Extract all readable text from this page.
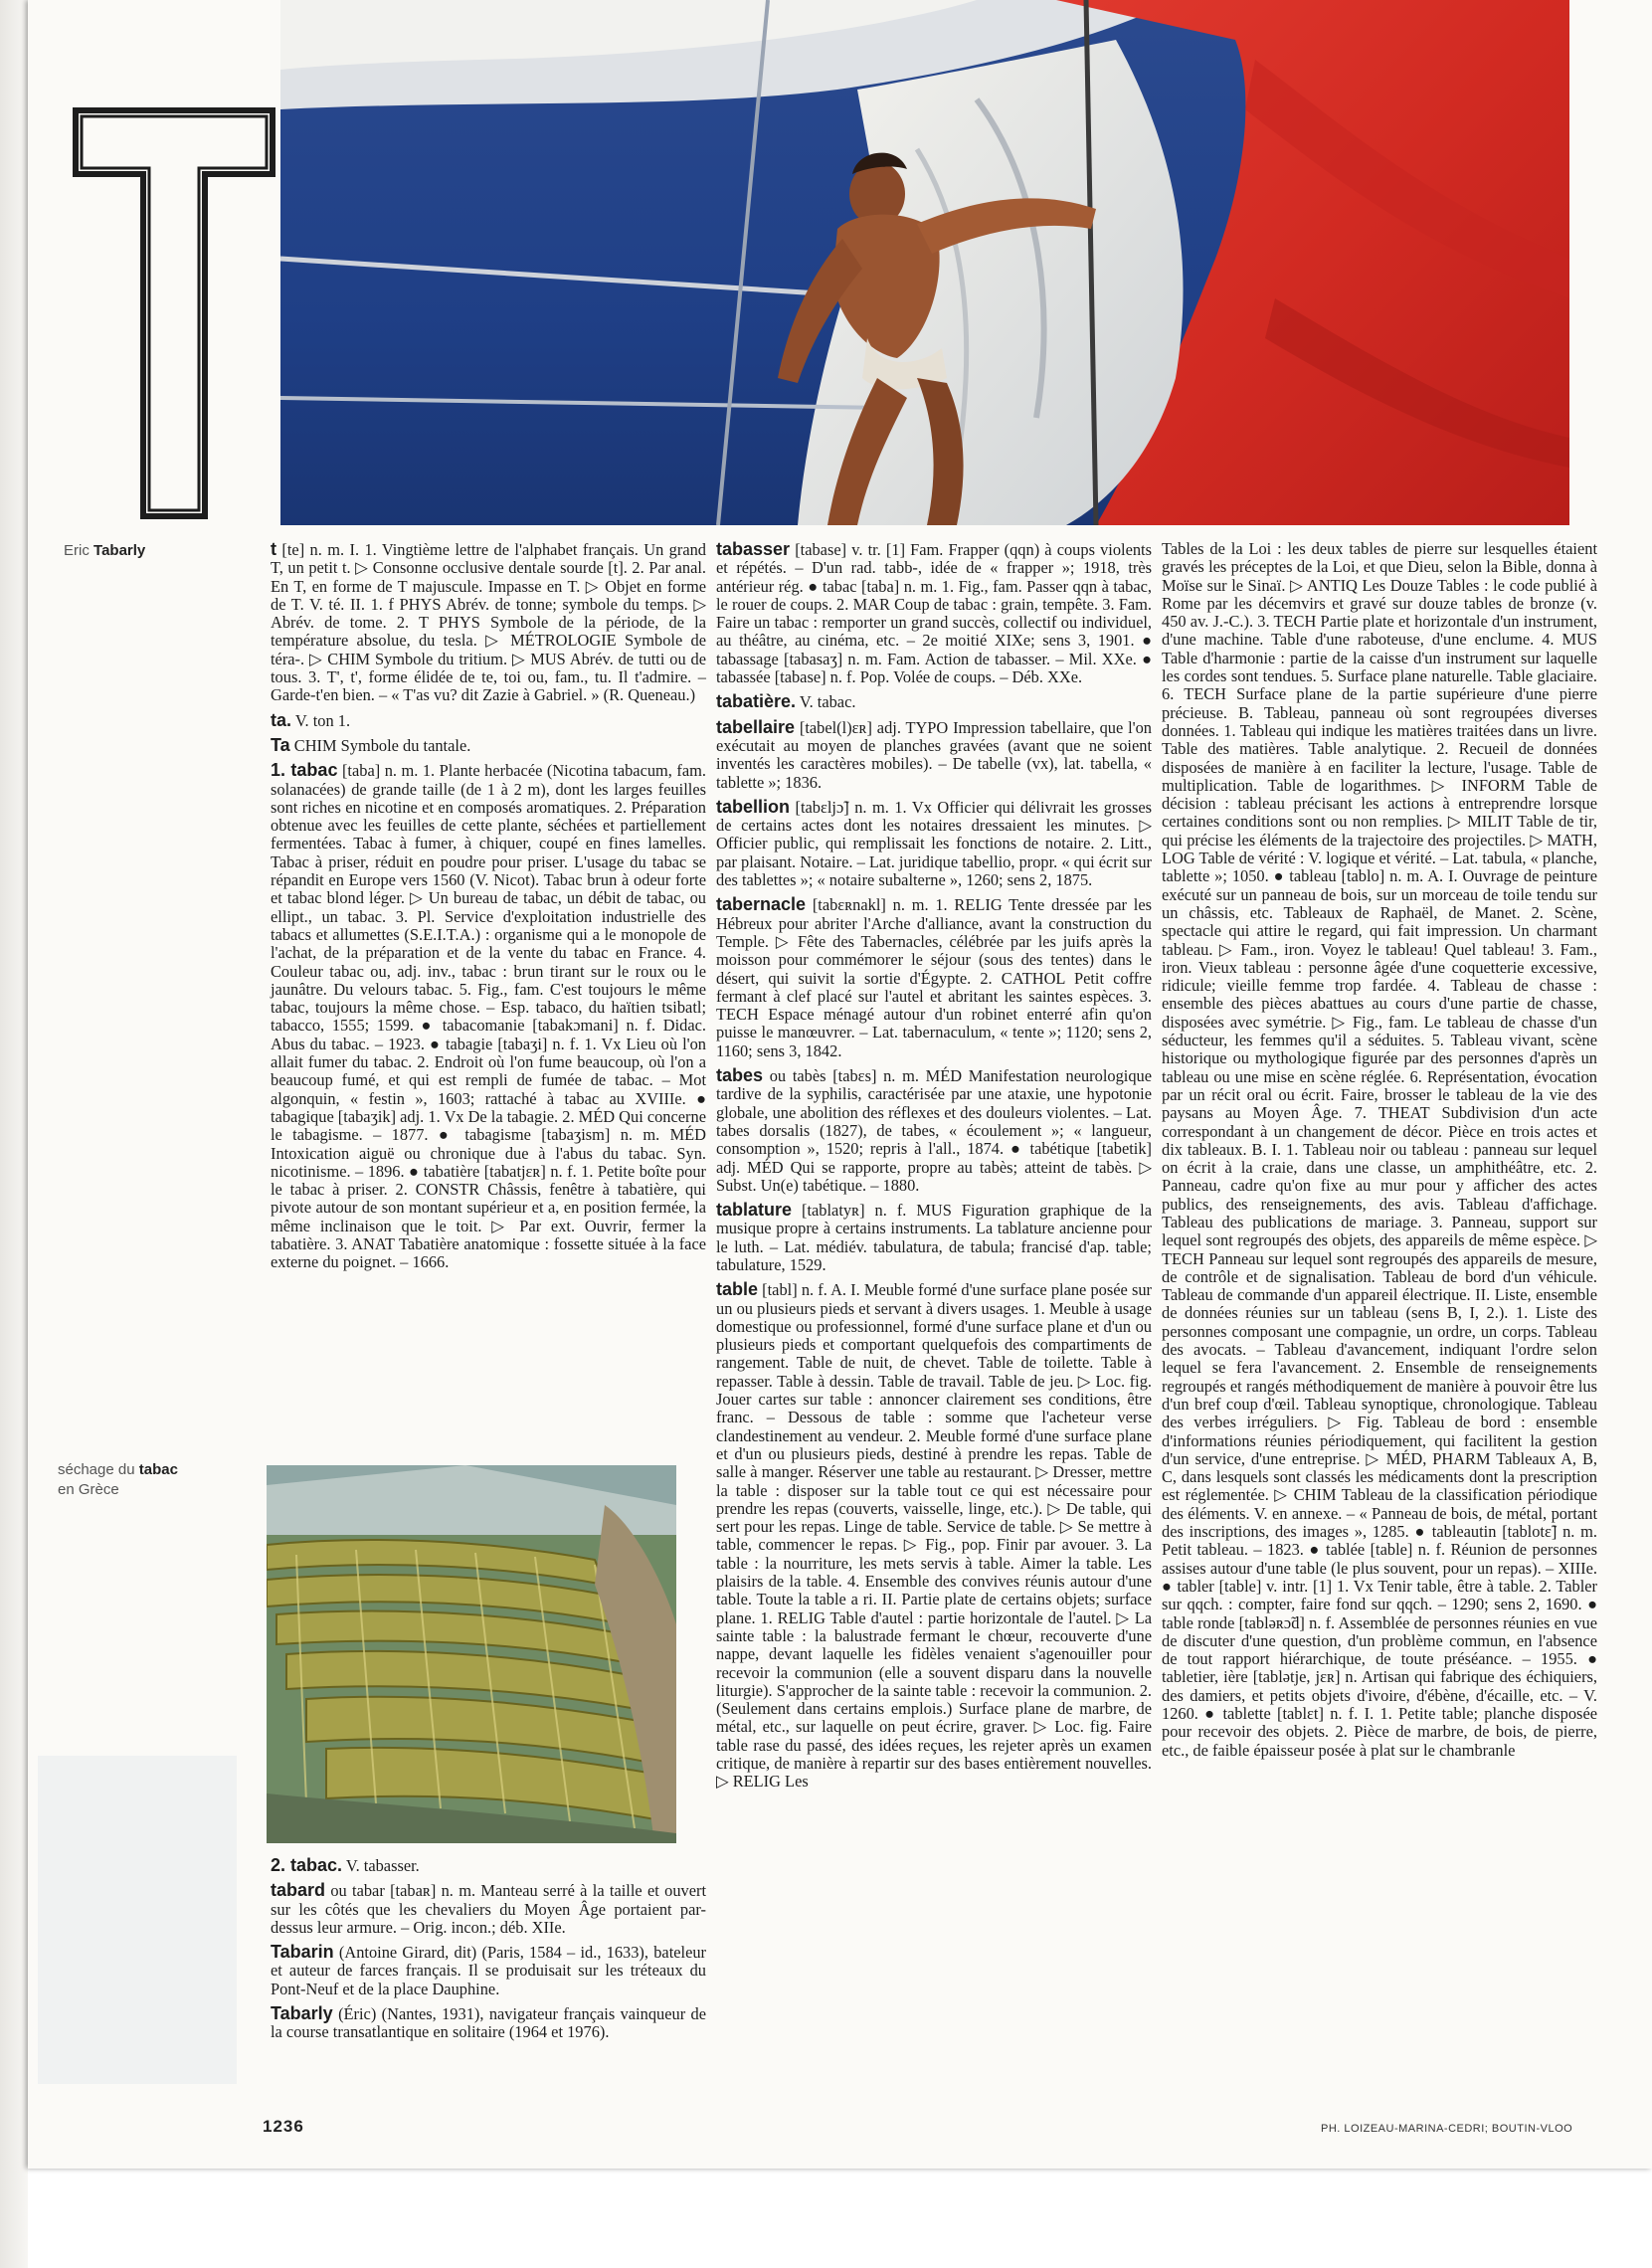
Eric Tabarly
séchage du tabac
en Grèce

t [te] n. m. I. 1. Vingtième lettre de l'alphabet français. Un grand T, un petit t. ▷ Consonne occlusive dentale sourde [t]. 2. Par anal. En T, en forme de T majuscule. Impasse en T. ▷ Objet en forme de T. V. té. II. 1. f PHYS Abrév. de tonne; symbole du temps. ▷ Abrév. de tome. 2. T PHYS Symbole de la période, de la température absolue, du tesla. ▷ MÉTROLOGIE Symbole de téra-. ▷ CHIM Symbole du tritium. ▷ MUS Abrév. de tutti ou de tous. 3. T', t', forme élidée de te, toi ou, fam., tu. Il t'admire. – Garde-t'en bien. – « T'as vu? dit Zazie à Gabriel. » (R. Queneau.)

ta. V. ton 1.

Ta CHIM Symbole du tantale.

1. tabac [taba] n. m. 1. Plante herbacée (Nicotina tabacum, fam. solanacées) de grande taille (de 1 à 2 m), dont les larges feuilles sont riches en nicotine et en composés aromatiques. 2. Préparation obtenue avec les feuilles de cette plante, séchées et partiellement fermentées. Tabac à fumer, à chiquer, coupé en fines lamelles. Tabac à priser, réduit en poudre pour priser. L'usage du tabac se répandit en Europe vers 1560 (V. Nicot). Tabac brun à odeur forte et tabac blond léger. ▷ Un bureau de tabac, un débit de tabac, ou ellipt., un tabac. 3. Pl. Service d'exploitation industrielle des tabacs et allumettes (S.E.I.T.A.) : organisme qui a le monopole de l'achat, de la préparation et de la vente du tabac en France. 4. Couleur tabac ou, adj. inv., tabac : brun tirant sur le roux ou le jaunâtre. Du velours tabac. 5. Fig., fam. C'est toujours le même tabac, toujours la même chose. – Esp. tabaco, du haïtien tsibatl; tabacco, 1555; 1599. ● tabacomanie [tabakɔmani] n. f. Didac. Abus du tabac. – 1923. ● tabagie [tabaʒi] n. f. 1. Vx Lieu où l'on allait fumer du tabac. 2. Endroit où l'on fume beaucoup, où l'on a beaucoup fumé, et qui est rempli de fumée de tabac. – Mot algonquin, « festin », 1603; rattaché à tabac au XVIIIe. ● tabagique [tabaʒik] adj. 1. Vx De la tabagie. 2. MÉD Qui concerne le tabagisme. – 1877. ● tabagisme [tabaʒism] n. m. MÉD Intoxication aiguë ou chronique due à l'abus du tabac. Syn. nicotinisme. – 1896. ● tabatière [tabatjɛʀ] n. f. 1. Petite boîte pour le tabac à priser. 2. CONSTR Châssis, fenêtre à tabatière, qui pivote autour de son montant supérieur et a, en position fermée, la même inclinaison que le toit. ▷ Par ext. Ouvrir, fermer la tabatière. 3. ANAT Tabatière anatomique : fossette située à la face externe du poignet. – 1666.

2. tabac. V. tabasser.

tabard ou tabar [tabaʀ] n. m. Manteau serré à la taille et ouvert sur les côtés que les chevaliers du Moyen Âge portaient par-dessus leur armure. – Orig. incon.; déb. XIIe.

Tabarin (Antoine Girard, dit) (Paris, 1584 – id., 1633), bateleur et auteur de farces français. Il se produisait sur les tréteaux du Pont-Neuf et de la place Dauphine.

Tabarly (Éric) (Nantes, 1931), navigateur français vainqueur de la course transatlantique en solitaire (1964 et 1976).

tabasser [tabase] v. tr. [1] Fam. Frapper (qqn) à coups violents et répétés. – D'un rad. tabb-, idée de « frapper »; 1918, très antérieur rég. ● tabac [taba] n. m. 1. Fig., fam. Passer qqn à tabac, le rouer de coups. 2. MAR Coup de tabac : grain, tempête. 3. Fam. Faire un tabac : remporter un grand succès, collectif ou individuel, au théâtre, au cinéma, etc. – 2e moitié XIXe; sens 3, 1901. ● tabassage [tabasaʒ] n. m. Fam. Action de tabasser. – Mil. XXe. ● tabassée [tabase] n. f. Pop. Volée de coups. – Déb. XXe.

tabatière. V. tabac.

tabellaire [tabel(l)ɛʀ] adj. TYPO Impression tabellaire, que l'on exécutait au moyen de planches gravées (avant que ne soient inventés les caractères mobiles). – De tabelle (vx), lat. tabella, « tablette »; 1836.

tabellion [tabɛljɔ̃] n. m. 1. Vx Officier qui délivrait les grosses de certains actes dont les notaires dressaient les minutes. ▷ Officier public, qui remplissait les fonctions de notaire. 2. Litt., par plaisant. Notaire. – Lat. juridique tabellio, propr. « qui écrit sur des tablettes »; « notaire subalterne », 1260; sens 2, 1875.

tabernacle [tabɛʀnakl] n. m. 1. RELIG Tente dressée par les Hébreux pour abriter l'Arche d'alliance, avant la construction du Temple. ▷ Fête des Tabernacles, célébrée par les juifs après la moisson pour commémorer le séjour (sous des tentes) dans le désert, qui suivit la sortie d'Égypte. 2. CATHOL Petit coffre fermant à clef placé sur l'autel et abritant les saintes espèces. 3. TECH Espace ménagé autour d'un robinet enterré afin qu'on puisse le manœuvrer. – Lat. tabernaculum, « tente »; 1120; sens 2, 1160; sens 3, 1842.

tabes ou tabès [tabɛs] n. m. MÉD Manifestation neurologique tardive de la syphilis, caractérisée par une ataxie, une hypotonie globale, une abolition des réflexes et des douleurs violentes. – Lat. tabes dorsalis (1827), de tabes, « écoulement »; « langueur, consomption », 1520; repris à l'all., 1874. ● tabétique [tabetik] adj. MÉD Qui se rapporte, propre au tabès; atteint de tabès. ▷ Subst. Un(e) tabétique. – 1880.

tablature [tablatyʀ] n. f. MUS Figuration graphique de la musique propre à certains instruments. La tablature ancienne pour le luth. – Lat. médiév. tabulatura, de tabula; francisé d'ap. table; tabulature, 1529.

table [tabl] n. f. A. I. Meuble formé d'une surface plane posée sur un ou plusieurs pieds et servant à divers usages. 1. Meuble à usage domestique ou professionnel, formé d'une surface plane et d'un ou plusieurs pieds et comportant quelquefois des compartiments de rangement. Table de nuit, de chevet. Table de toilette. Table à repasser. Table à dessin. Table de travail. Table de jeu. ▷ Loc. fig. Jouer cartes sur table : annoncer clairement ses conditions, être franc. – Dessous de table : somme que l'acheteur verse clandestinement au vendeur. 2. Meuble formé d'une surface plane et d'un ou plusieurs pieds, destiné à prendre les repas. Table de salle à manger. Réserver une table au restaurant. ▷ Dresser, mettre la table : disposer sur la table tout ce qui est nécessaire pour prendre les repas (couverts, vaisselle, linge, etc.). ▷ De table, qui sert pour les repas. Linge de table. Service de table. ▷ Se mettre à table, commencer le repas. ▷ Fig., pop. Finir par avouer. 3. La table : la nourriture, les mets servis à table. Aimer la table. Les plaisirs de la table. 4. Ensemble des convives réunis autour d'une table. Toute la table a ri. II. Partie plate de certains objets; surface plane. 1. RELIG Table d'autel : partie horizontale de l'autel. ▷ La sainte table : la balustrade fermant le chœur, recouverte d'une nappe, devant laquelle les fidèles venaient s'agenouiller pour recevoir la communion (elle a souvent disparu dans la nouvelle liturgie). S'approcher de la sainte table : recevoir la communion. 2. (Seulement dans certains emplois.) Surface plane de marbre, de métal, etc., sur laquelle on peut écrire, graver. ▷ Loc. fig. Faire table rase du passé, des idées reçues, les rejeter après un examen critique, de manière à repartir sur des bases entièrement nouvelles. ▷ RELIG Les

Tables de la Loi : les deux tables de pierre sur lesquelles étaient gravés les préceptes de la Loi, et que Dieu, selon la Bible, donna à Moïse sur le Sinaï. ▷ ANTIQ Les Douze Tables : le code publié à Rome par les décemvirs et gravé sur douze tables de bronze (v. 450 av. J.-C.). 3. TECH Partie plate et horizontale d'un instrument, d'une machine. Table d'une raboteuse, d'une enclume. 4. MUS Table d'harmonie : partie de la caisse d'un instrument sur laquelle les cordes sont tendues. 5. Surface plane naturelle. Table glaciaire. 6. TECH Surface plane de la partie supérieure d'une pierre précieuse. B. Tableau, panneau où sont regroupées diverses données. 1. Tableau qui indique les matières traitées dans un livre. Table des matières. Table analytique. 2. Recueil de données disposées de manière à en faciliter la lecture, l'usage. Table de multiplication. Table de logarithmes. ▷ INFORM Table de décision : tableau précisant les actions à entreprendre lorsque certaines conditions sont ou non remplies. ▷ MILIT Table de tir, qui précise les éléments de la trajectoire des projectiles. ▷ MATH, LOG Table de vérité : V. logique et vérité. – Lat. tabula, « planche, tablette »; 1050. ● tableau [tablo] n. m. A. I. Ouvrage de peinture exécuté sur un panneau de bois, sur un morceau de toile tendu sur un châssis, etc. Tableaux de Raphaël, de Manet. 2. Scène, spectacle qui attire le regard, qui fait impression. Un charmant tableau. ▷ Fam., iron. Voyez le tableau! Quel tableau! 3. Fam., iron. Vieux tableau : personne âgée d'une coquetterie excessive, ridicule; vieille femme trop fardée. 4. Tableau de chasse : ensemble des pièces abattues au cours d'une partie de chasse, disposées avec symétrie. ▷ Fig., fam. Le tableau de chasse d'un séducteur, les femmes qu'il a séduites. 5. Tableau vivant, scène historique ou mythologique figurée par des personnes d'après un tableau ou une mise en scène réglée. 6. Représentation, évocation par un récit oral ou écrit. Faire, brosser le tableau de la vie des paysans au Moyen Âge. 7. THEAT Subdivision d'un acte correspondant à un changement de décor. Pièce en trois actes et dix tableaux. B. I. 1. Tableau noir ou tableau : panneau sur lequel on écrit à la craie, dans une classe, un amphithéâtre, etc. 2. Panneau, cadre qu'on fixe au mur pour y afficher des actes publics, des renseignements, des avis. Tableau d'affichage. Tableau des publications de mariage. 3. Panneau, support sur lequel sont regroupés des objets, des appareils de même espèce. ▷ TECH Panneau sur lequel sont regroupés des appareils de mesure, de contrôle et de signalisation. Tableau de bord d'un véhicule. Tableau de commande d'un appareil électrique. II. Liste, ensemble de données réunies sur un tableau (sens B, I, 2.). 1. Liste des personnes composant une compagnie, un ordre, un corps. Tableau des avocats. – Tableau d'avancement, indiquant l'ordre selon lequel se fera l'avancement. 2. Ensemble de renseignements regroupés et rangés méthodiquement de manière à pouvoir être lus d'un bref coup d'œil. Tableau synoptique, chronologique. Tableau des verbes irréguliers. ▷ Fig. Tableau de bord : ensemble d'informations réunies périodiquement, qui facilitent la gestion d'un service, d'une entreprise. ▷ MÉD, PHARM Tableaux A, B, C, dans lesquels sont classés les médicaments dont la prescription est réglementée. ▷ CHIM Tableau de la classification périodique des éléments. V. en annexe. – « Panneau de bois, de métal, portant des inscriptions, des images », 1285. ● tableautin [tablotɛ̃] n. m. Petit tableau. – 1823. ● tablée [table] n. f. Réunion de personnes assises autour d'une table (le plus souvent, pour un repas). – XIIIe. ● tabler [table] v. intr. [1] 1. Vx Tenir table, être à table. 2. Tabler sur qqch. : compter, faire fond sur qqch. – 1290; sens 2, 1690. ● table ronde [tablәʀɔ̃d] n. f. Assemblée de personnes réunies en vue de discuter d'une question, d'un problème commun, en l'absence de tout rapport hiérarchique, de toute préséance. – 1955. ● tabletier, ière [tablәtje, jɛʀ] n. Artisan qui fabrique des échiquiers, des damiers, et petits objets d'ivoire, d'ébène, d'écaille, etc. – V. 1260. ● tablette [tablɛt] n. f. I. 1. Petite table; planche disposée pour recevoir des objets. 2. Pièce de marbre, de bois, de pierre, etc., de faible épaisseur posée à plat sur le chambranle

1236	PH. LOIZEAU-MARINA-CEDRI; BOUTIN-VLOO
